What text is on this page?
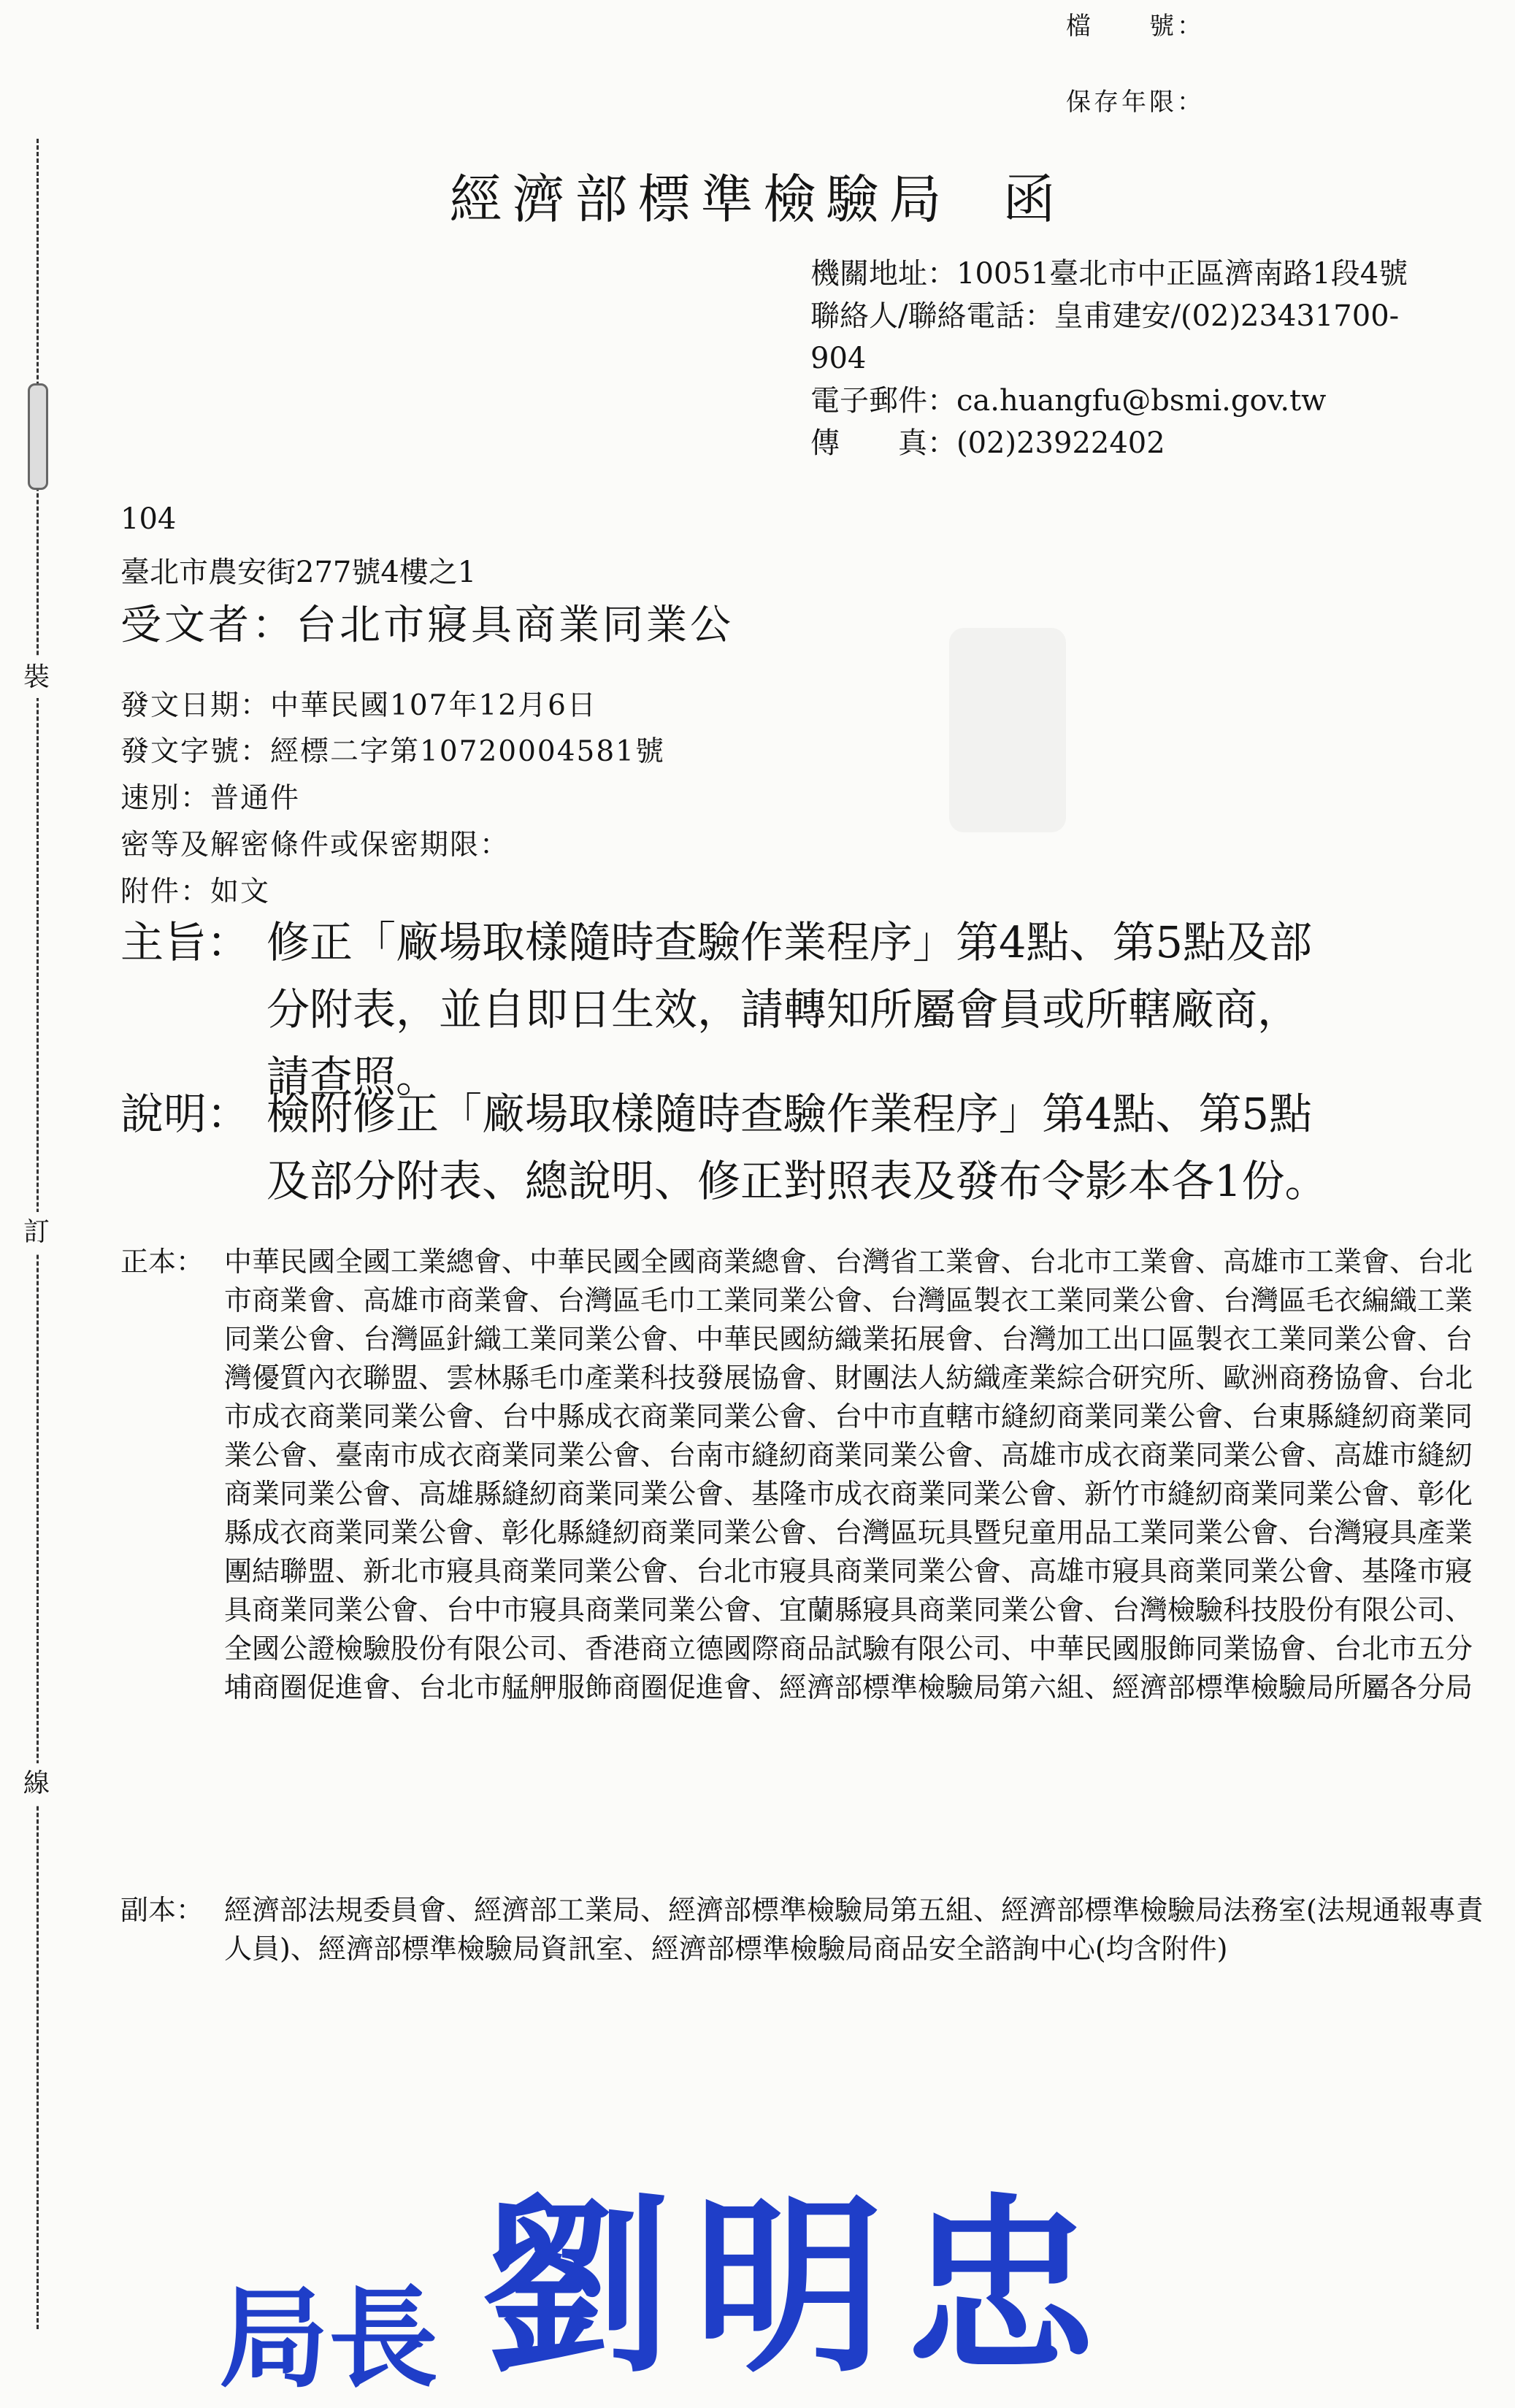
裝
訂
線
檔　　號：
保存年限：
經濟部標準檢驗局 函
機關地址：10051臺北市中正區濟南路1段4號
聯絡人/聯絡電話：皇甫建安/(02)23431700-
904
電子郵件：ca.huangfu@bsmi.gov.tw
傳　　真：(02)23922402
104
臺北市農安街277號4樓之1
受文者：台北市寢具商業同業公
發文日期：中華民國107年12月6日
發文字號：經標二字第10720004581號
速別：普通件
密等及解密條件或保密期限：
附件：如文
主旨： 修正「廠場取樣隨時查驗作業程序」第4點、第5點及部
分附表，並自即日生效，請轉知所屬會員或所轄廠商，
請查照。
說明： 檢附修正「廠場取樣隨時查驗作業程序」第4點、第5點
及部分附表、總說明、修正對照表及發布令影本各1份。
正本： 中華民國全國工業總會、中華民國全國商業總會、台灣省工業會、台北市工業會、高雄市工業會、台北市商業會、高雄市商業會、台灣區毛巾工業同業公會、台灣區製衣工業同業公會、台灣區毛衣編織工業同業公會、台灣區針織工業同業公會、中華民國紡織業拓展會、台灣加工出口區製衣工業同業公會、台灣優質內衣聯盟、雲林縣毛巾產業科技發展協會、財團法人紡織產業綜合研究所、歐洲商務協會、台北市成衣商業同業公會、台中縣成衣商業同業公會、台中市直轄市縫紉商業同業公會、台東縣縫紉商業同業公會、臺南市成衣商業同業公會、台南市縫紉商業同業公會、高雄市成衣商業同業公會、高雄市縫紉商業同業公會、高雄縣縫紉商業同業公會、基隆市成衣商業同業公會、新竹市縫紉商業同業公會、彰化縣成衣商業同業公會、彰化縣縫紉商業同業公會、台灣區玩具暨兒童用品工業同業公會、台灣寢具產業團結聯盟、新北市寢具商業同業公會、台北市寢具商業同業公會、高雄市寢具商業同業公會、基隆市寢具商業同業公會、台中市寢具商業同業公會、宜蘭縣寢具商業同業公會、台灣檢驗科技股份有限公司、全國公證檢驗股份有限公司、香港商立德國際商品試驗有限公司、中華民國服飾同業協會、台北市五分埔商圈促進會、台北市艋舺服飾商圈促進會、經濟部標準檢驗局第六組、經濟部標準檢驗局所屬各分局
副本： 經濟部法規委員會、經濟部工業局、經濟部標準檢驗局第五組、經濟部標準檢驗局法務室(法規通報專責人員)、經濟部標準檢驗局資訊室、經濟部標準檢驗局商品安全諮詢中心(均含附件)
局長 劉明忠
